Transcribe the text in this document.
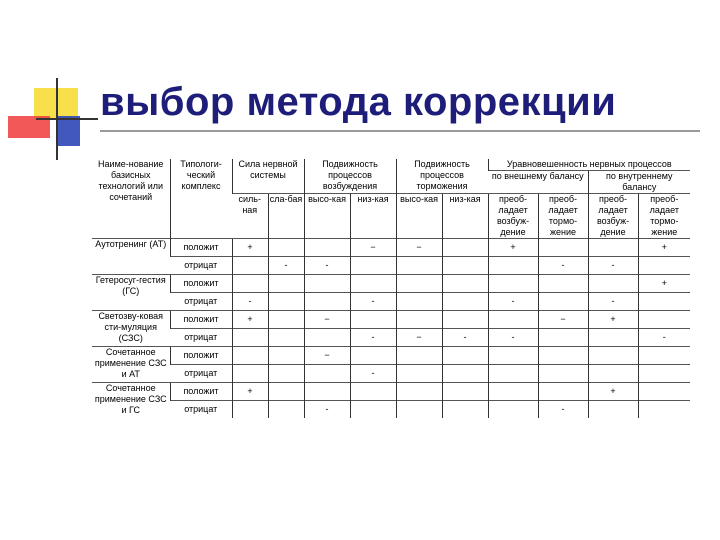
выбор метода коррекции
Наиме-нование базисных технологий или сочетаний	Типологи-ческий комплекс	Сила нервной системы		Подвижность процессов возбуждения		Подвижность процессов торможения		Уравновешенность нервных процессов			
								по внешнему балансу		по внутреннему балансу	
		силь-ная	сла-бая	высо-кая	низ-кая	высо-кая	низ-кая	преоб-ладает возбуж-дение	преоб-ладает тормо-жение	преоб-ладает возбуж-дение	преоб-ладает тормо-жение
Аутотренинг (АТ)	положит	+			−	−		+			+
	отрицат		-	-					-	-	
Гетеросуг-гестия (ГС)	положит										+
	отрицат	-			-			-		-	
Светозву-ковая сти-муляция (СЗС)	положит	+		−					−	+	
	отрицат				-	−	-	-			-
Сочетанное применение СЗС и АТ	положит			−							
	отрицат				-						
Сочетанное применение СЗС и ГС	положит	+								+	
	отрицат			-					-		
